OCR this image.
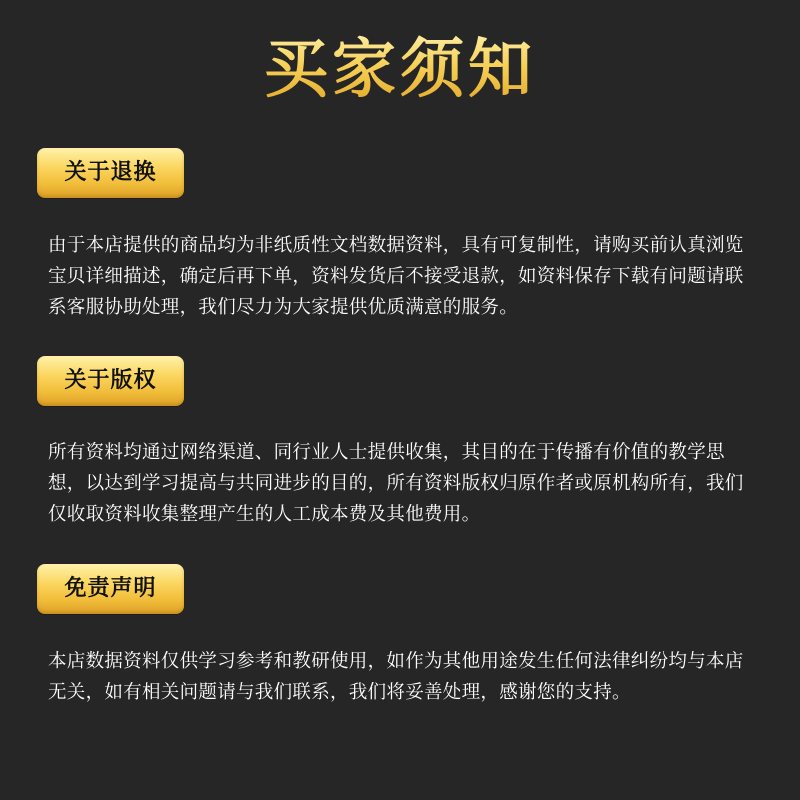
买家须知
关于退换

由于本店提供的商品均为非纸质性文档数据资料，具有可复制性，请购买前认真浏览宝贝详细描述，确定后再下单，资料发货后不接受退款，如资料保存下载有问题请联系客服协助处理，我们尽力为大家提供优质满意的服务。

关于版权

所有资料均通过网络渠道、同行业人士提供收集，其目的在于传播有价值的教学思想，以达到学习提高与共同进步的目的，所有资料版权归原作者或原机构所有，我们仅收取资料收集整理产生的人工成本费及其他费用。

免责声明

本店数据资料仅供学习参考和教研使用，如作为其他用途发生任何法律纠纷均与本店无关，如有相关问题请与我们联系，我们将妥善处理，感谢您的支持。
